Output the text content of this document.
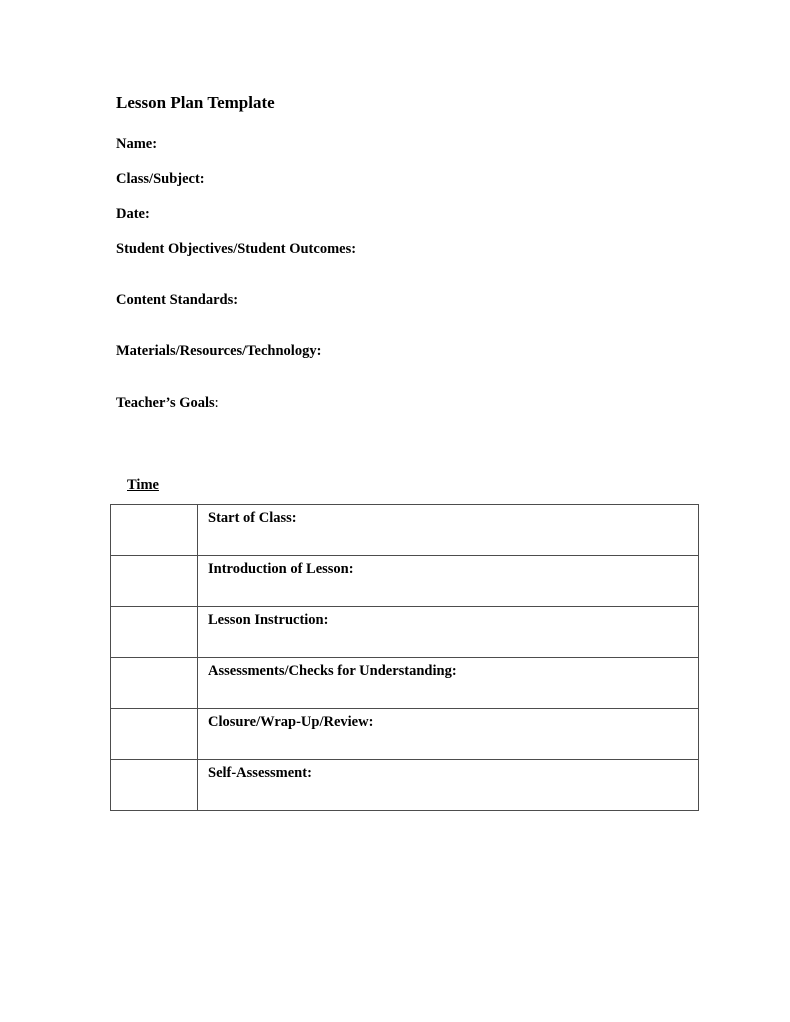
Lesson Plan Template

Name:

Class/Subject:

Date:

Student Objectives/Student Outcomes:

Content Standards:

Materials/Resources/Technology:

Teacher’s Goals:

Time
	Start of Class:
	Introduction of Lesson:
	Lesson Instruction:
	Assessments/Checks for Understanding:
	Closure/Wrap-Up/Review:
	Self-Assessment:
